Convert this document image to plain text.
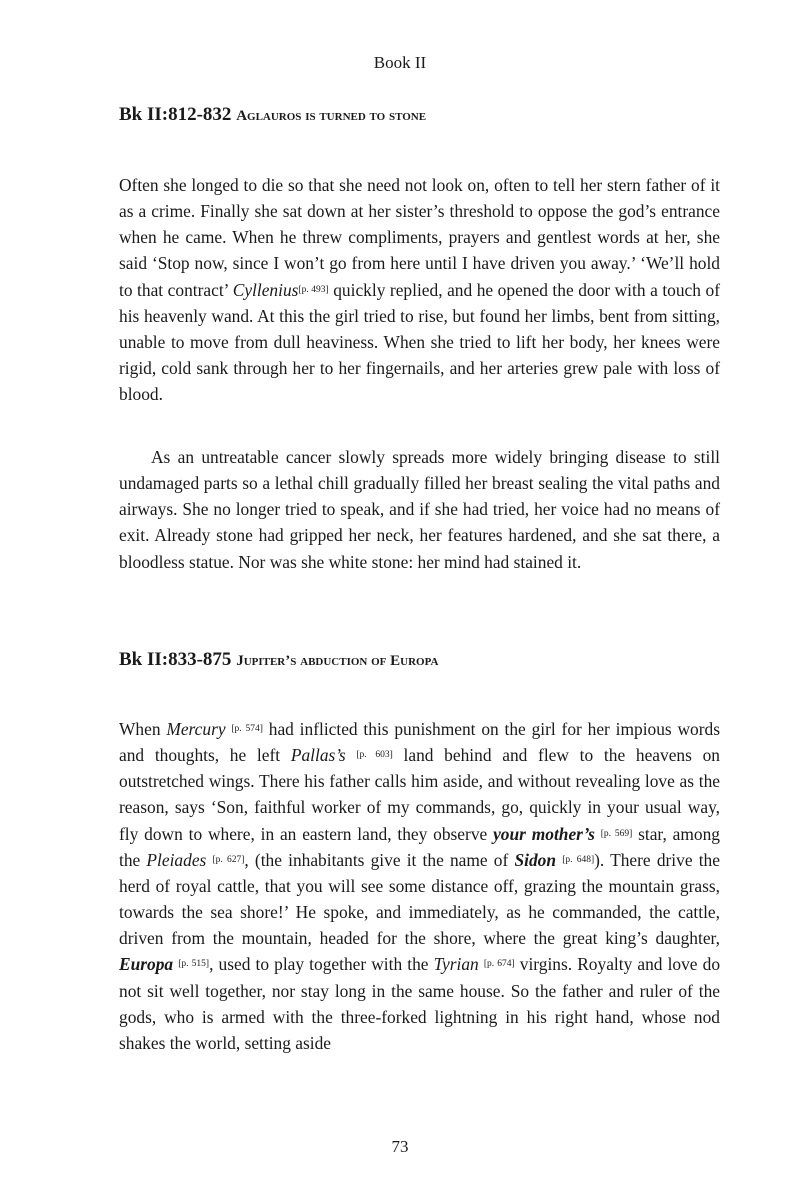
Book II
Bk II:812-832 Aglauros is turned to stone

Often she longed to die so that she need not look on, often to tell her stern father of it as a crime. Finally she sat down at her sister’s threshold to oppose the god’s entrance when he came. When he threw compliments, prayers and gentlest words at her, she said ‘Stop now, since I won’t go from here until I have driven you away.’ ‘We’ll hold to that contract’ Cyllenius[p. 493] quickly replied, and he opened the door with a touch of his heavenly wand. At this the girl tried to rise, but found her limbs, bent from sitting, unable to move from dull heaviness. When she tried to lift her body, her knees were rigid, cold sank through her to her fingernails, and her arteries grew pale with loss of blood.

As an untreatable cancer slowly spreads more widely bringing disease to still undamaged parts so a lethal chill gradually filled her breast sealing the vital paths and airways. She no longer tried to speak, and if she had tried, her voice had no means of exit. Already stone had gripped her neck, her features hardened, and she sat there, a bloodless statue. Nor was she white stone: her mind had stained it.

Bk II:833-875 Jupiter’s abduction of Europa

When Mercury [p. 574] had inflicted this punishment on the girl for her impious words and thoughts, he left Pallas’s [p. 603] land behind and flew to the heavens on outstretched wings. There his father calls him aside, and without revealing love as the reason, says ‘Son, faithful worker of my commands, go, quickly in your usual way, fly down to where, in an eastern land, they observe your mother’s [p. 569] star, among the Pleiades [p. 627], (the inhabitants give it the name of Sidon [p. 648]). There drive the herd of royal cattle, that you will see some distance off, grazing the mountain grass, towards the sea shore!’ He spoke, and immediately, as he commanded, the cattle, driven from the mountain, headed for the shore, where the great king’s daughter, Europa [p. 515], used to play together with the Tyrian [p. 674] virgins. Royalty and love do not sit well together, nor stay long in the same house. So the father and ruler of the gods, who is armed with the three-forked lightning in his right hand, whose nod shakes the world, setting aside

73
